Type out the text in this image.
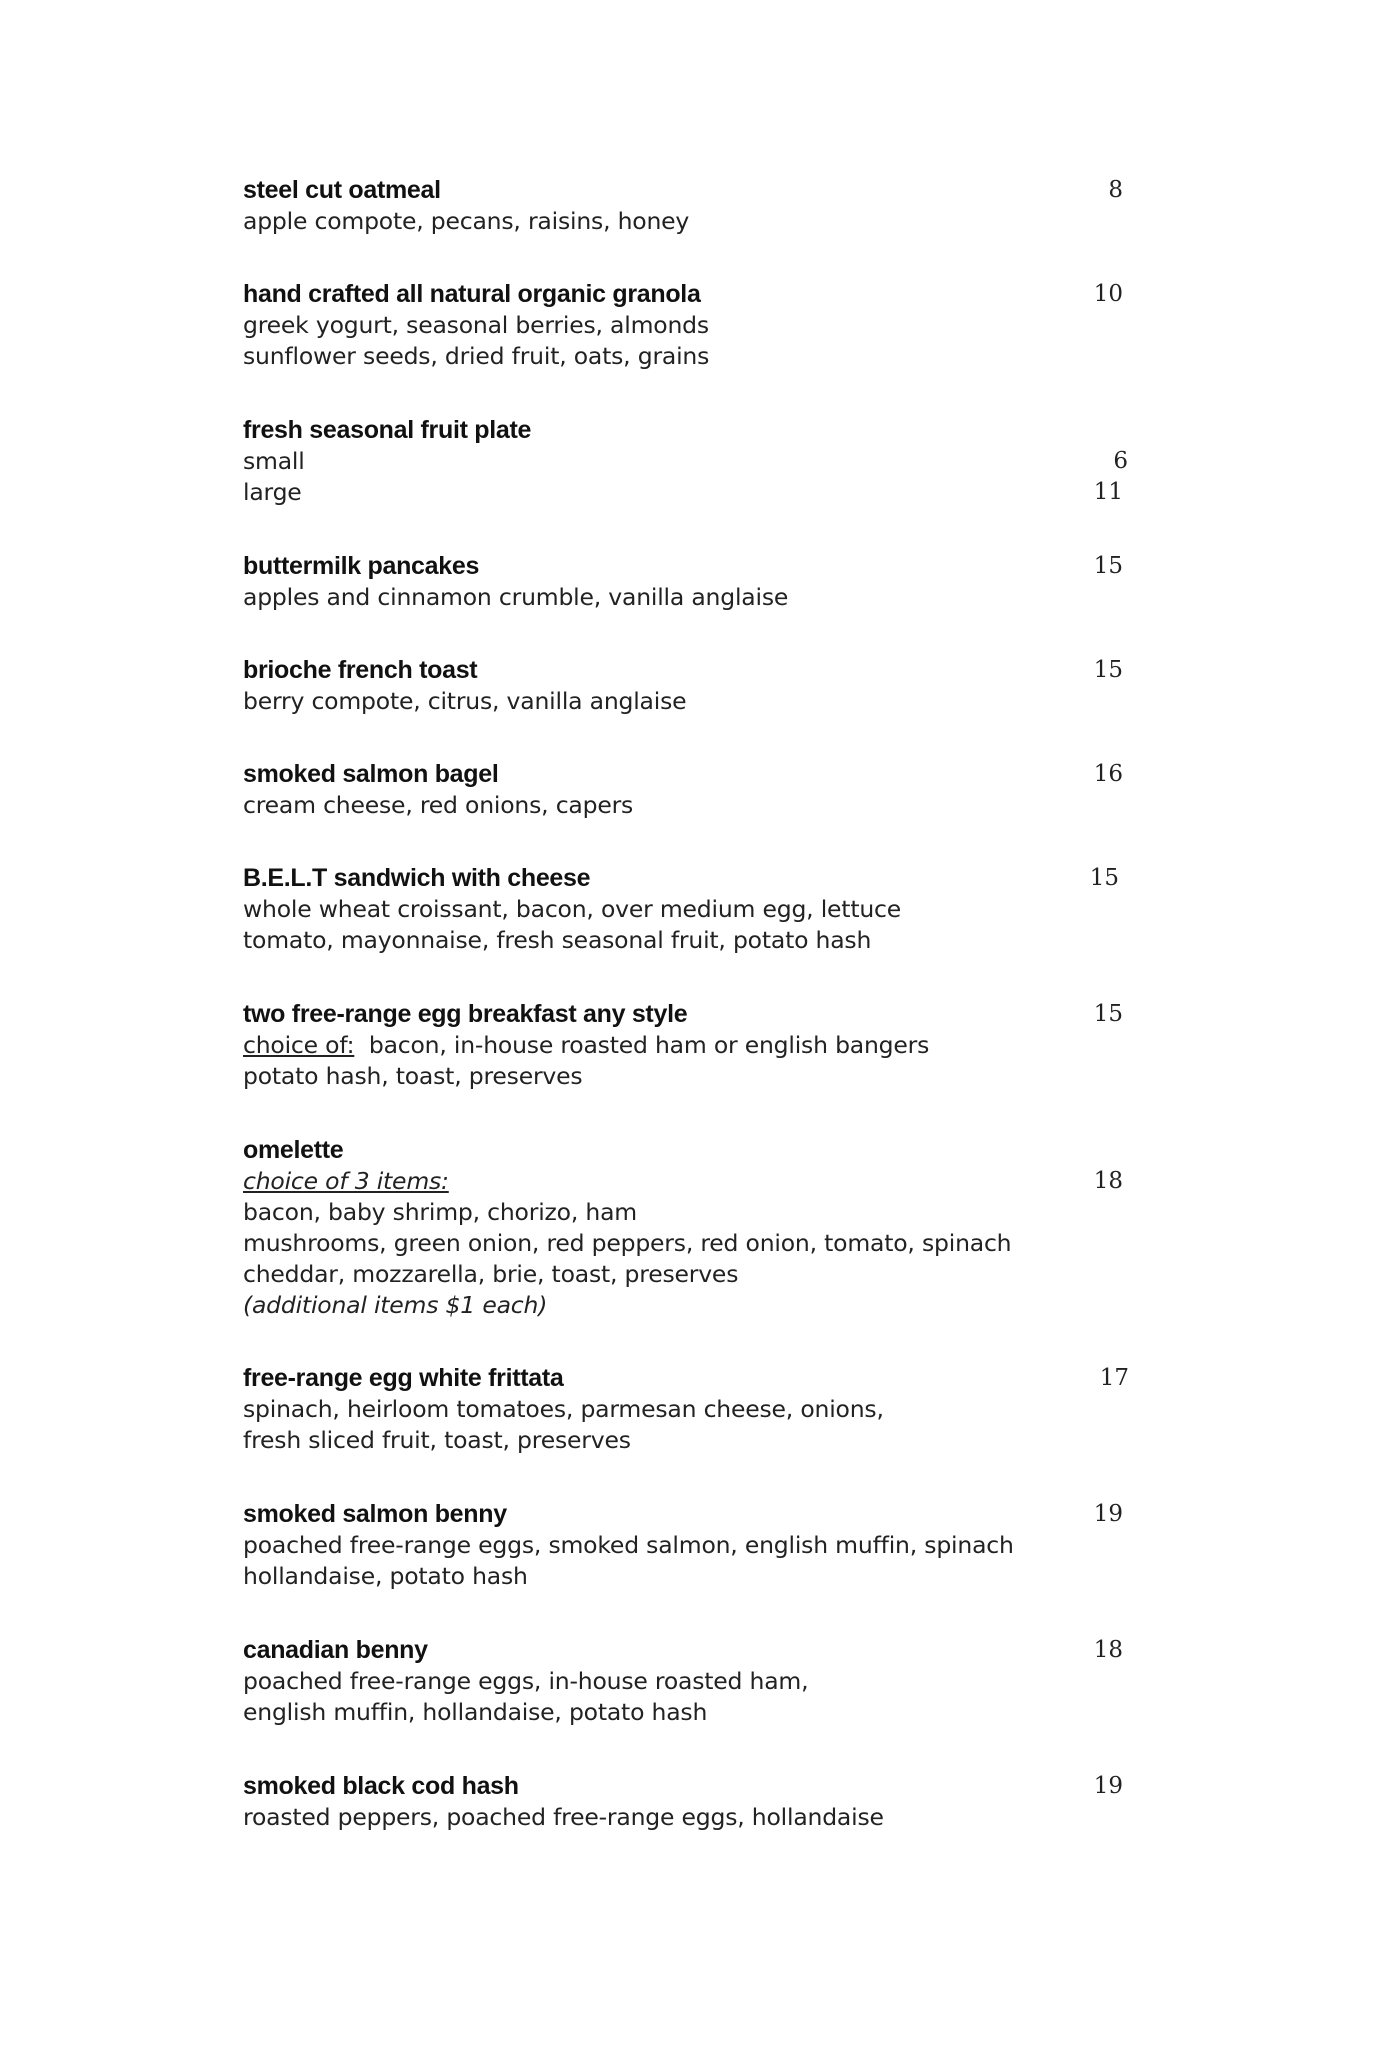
steel cut oatmeal	8
apple compote, pecans, raisins, honey
hand crafted all natural organic granola	10
greek yogurt, seasonal berries, almonds
sunflower seeds, dried fruit, oats, grains
fresh seasonal fruit plate
small	6
large	11
buttermilk pancakes	15
apples and cinnamon crumble, vanilla anglaise
brioche french toast	15
berry compote, citrus, vanilla anglaise
smoked salmon bagel	16
cream cheese, red onions, capers
B.E.L.T sandwich with cheese	15
whole wheat croissant, bacon, over medium egg, lettuce
tomato, mayonnaise, fresh seasonal fruit, potato hash
two free-range egg breakfast any style	15
choice of:  bacon, in-house roasted ham or english bangers
potato hash, toast, preserves
omelette
choice of 3 items:	18
bacon, baby shrimp, chorizo, ham
mushrooms, green onion, red peppers, red onion, tomato, spinach
cheddar, mozzarella, brie, toast, preserves
(additional items $1 each)
free-range egg white frittata	17
spinach, heirloom tomatoes, parmesan cheese, onions,
fresh sliced fruit, toast, preserves
smoked salmon benny	19
poached free-range eggs, smoked salmon, english muffin, spinach
hollandaise, potato hash
canadian benny	18
poached free-range eggs, in-house roasted ham,
english muffin, hollandaise, potato hash
smoked black cod hash	19
roasted peppers, poached free-range eggs, hollandaise
